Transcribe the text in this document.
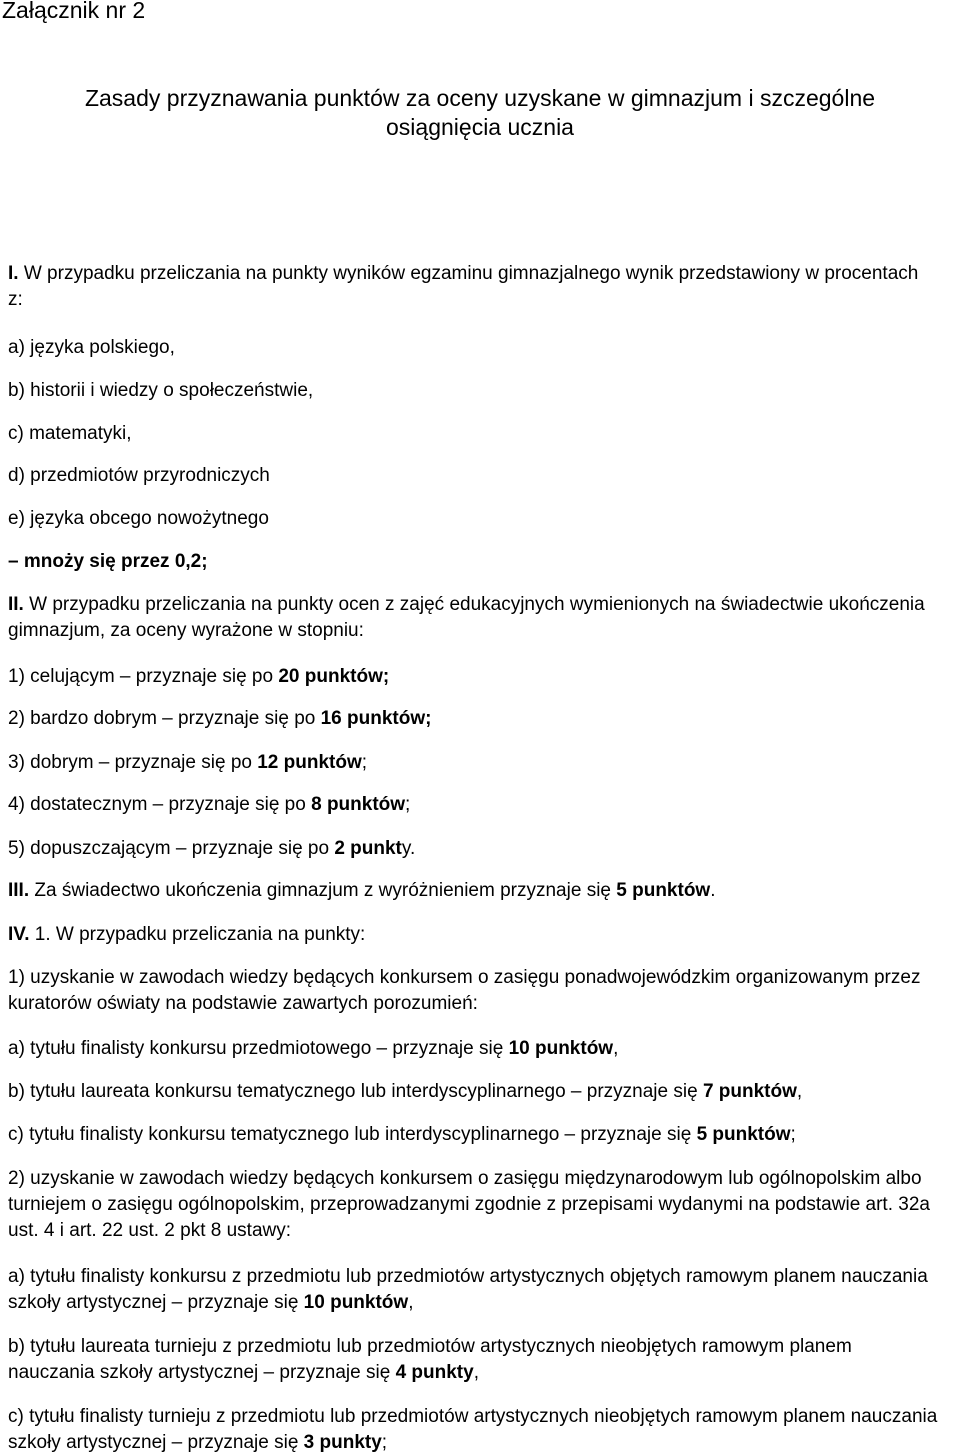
Załącznik nr 2
Zasady przyznawania punktów za oceny uzyskane w gimnazjum i szczególne
osiągnięcia ucznia

I. W przypadku przeliczania na punkty wyników egzaminu gimnazjalnego wynik przedstawiony w procentach z:

a) języka polskiego,

b) historii i wiedzy o społeczeństwie,

c) matematyki,

d) przedmiotów przyrodniczych

e) języka obcego nowożytnego

– mnoży się przez 0,2;

II. W przypadku przeliczania na punkty ocen z zajęć edukacyjnych wymienionych na świadectwie ukończenia gimnazjum, za oceny wyrażone w stopniu:

1) celującym – przyznaje się po 20 punktów;

2) bardzo dobrym – przyznaje się po 16 punktów;

3) dobrym – przyznaje się po 12 punktów;

4) dostatecznym – przyznaje się po 8 punktów;

5) dopuszczającym – przyznaje się po 2 punkty.

III. Za świadectwo ukończenia gimnazjum z wyróżnieniem przyznaje się 5 punktów.

IV. 1. W przypadku przeliczania na punkty:

1) uzyskanie w zawodach wiedzy będących konkursem o zasięgu ponadwojewódzkim organizowanym przez kuratorów oświaty na podstawie zawartych porozumień:

a) tytułu finalisty konkursu przedmiotowego – przyznaje się 10 punktów,

b) tytułu laureata konkursu tematycznego lub interdyscyplinarnego – przyznaje się 7 punktów,

c) tytułu finalisty konkursu tematycznego lub interdyscyplinarnego – przyznaje się 5 punktów;

2) uzyskanie w zawodach wiedzy będących konkursem o zasięgu międzynarodowym lub ogólnopolskim albo turniejem o zasięgu ogólnopolskim, przeprowadzanymi zgodnie z przepisami wydanymi na podstawie art. 32a ust. 4 i art. 22 ust. 2 pkt 8 ustawy:

a) tytułu finalisty konkursu z przedmiotu lub przedmiotów artystycznych objętych ramowym planem nauczania szkoły artystycznej – przyznaje się 10 punktów,

b) tytułu laureata turnieju z przedmiotu lub przedmiotów artystycznych nieobjętych ramowym planem nauczania szkoły artystycznej – przyznaje się 4 punkty,

c) tytułu finalisty turnieju z przedmiotu lub przedmiotów artystycznych nieobjętych ramowym planem nauczania szkoły artystycznej – przyznaje się 3 punkty;
